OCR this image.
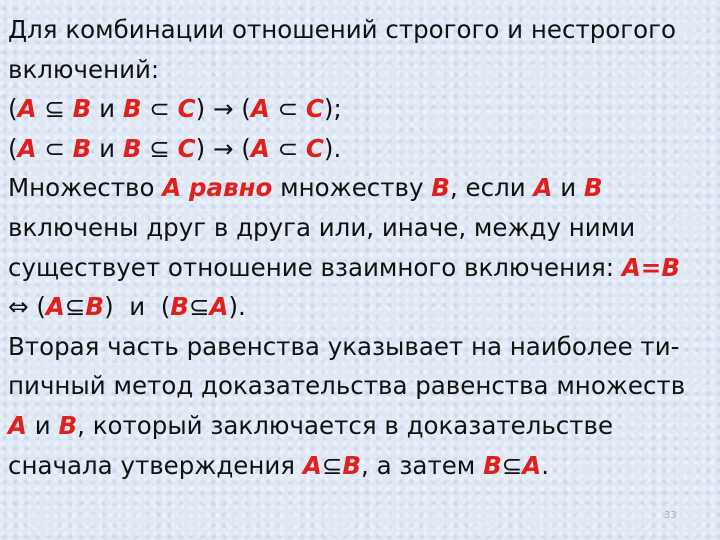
Для комбинации отношений строгого и нестрогого
включений:
(A ⊆ B и B ⊂ C) → (A ⊂ C);
(A ⊂ B и B ⊆ C) → (A ⊂ C).
Множество A равно множеству B, если A и B
включены друг в друга или, иначе, между ними
существует отношение взаимного включения: A=B
⇔ (A⊆B)  и  (B⊆A).
Вторая часть равенства указывает на наиболее ти-
пичный метод доказательства равенства множеств
A и B, который заключается в доказательстве
сначала утверждения A⊆B, а затем B⊆A.
33
